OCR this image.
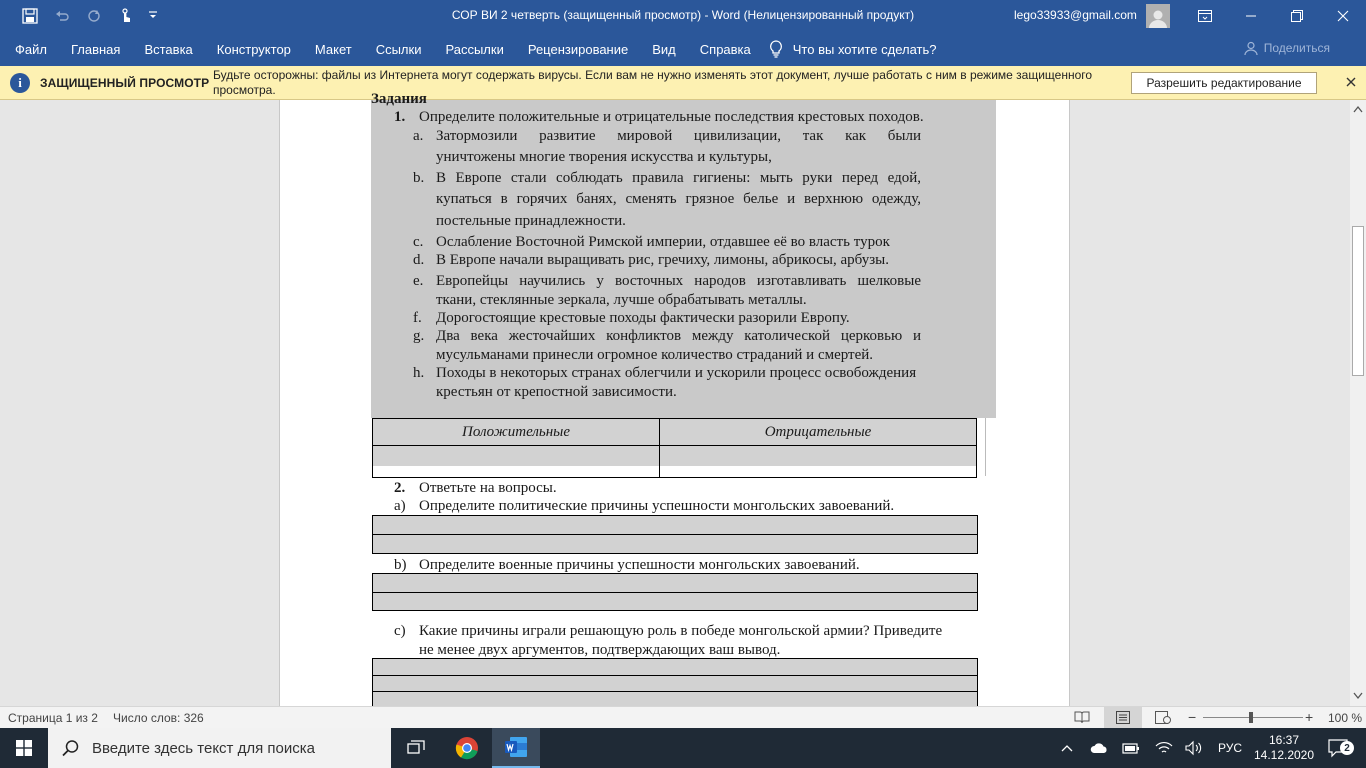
СОР ВИ 2 четверть (защищенный просмотр) - Word (Нелицензированный продукт)	lego33933@gmail.com
Файл	Главная	Вставка	Конструктор	Макет	Ссылки	Рассылки	Рецензирование	Вид	Справка	Что вы хотите сделать?	Поделиться
i	ЗАЩИЩЕННЫЙ ПРОСМОТР
Будьте осторожны: файлы из Интернета могут содержать вирусы. Если вам не нужно изменять этот документ, лучше работать с ним в режиме защищенного просмотра.	Разрешить редактирование
Задания
1. Определите положительные и отрицательные последствия крестовых походов.
a. Затормозили развитие мировой цивилизации, так как были
уничтожены многие творения искусства и культуры,
b. В Европе стали соблюдать правила гигиены: мыть руки перед едой,
купаться в горячих банях, сменять грязное белье и верхнюю одежду,
постельные принадлежности.
c. Ослабление Восточной Римской империи, отдавшее её во власть турок
d. В Европе начали выращивать рис, гречиху, лимоны, абрикосы, арбузы.
e. Европейцы научились у восточных народов изготавливать шелковые
ткани, стеклянные зеркала, лучше обрабатывать металлы.
f. Дорогостоящие крестовые походы фактически разорили Европу.
g. Два века жесточайших конфликтов между католической церковью и
мусульманами принесли огромное количество страданий и смертей.
h. Походы в некоторых странах облегчили и ускорили процесс освобождения
крестьян от крепостной зависимости.
Положительные	Отрицательные
2. Ответьте на вопросы.
a) Определите политические причины успешности монгольских завоеваний.
b) Определите военные причины успешности монгольских завоеваний.
c) Какие причины играли решающую роль в победе монгольской армии? Приведите
не менее двух аргументов, подтверждающих ваш вывод.
Страница 1 из 2 Число слов: 326	−	+ 100 %
Введите здесь текст для поиска	РУС
16:37
14.12.2020	2
